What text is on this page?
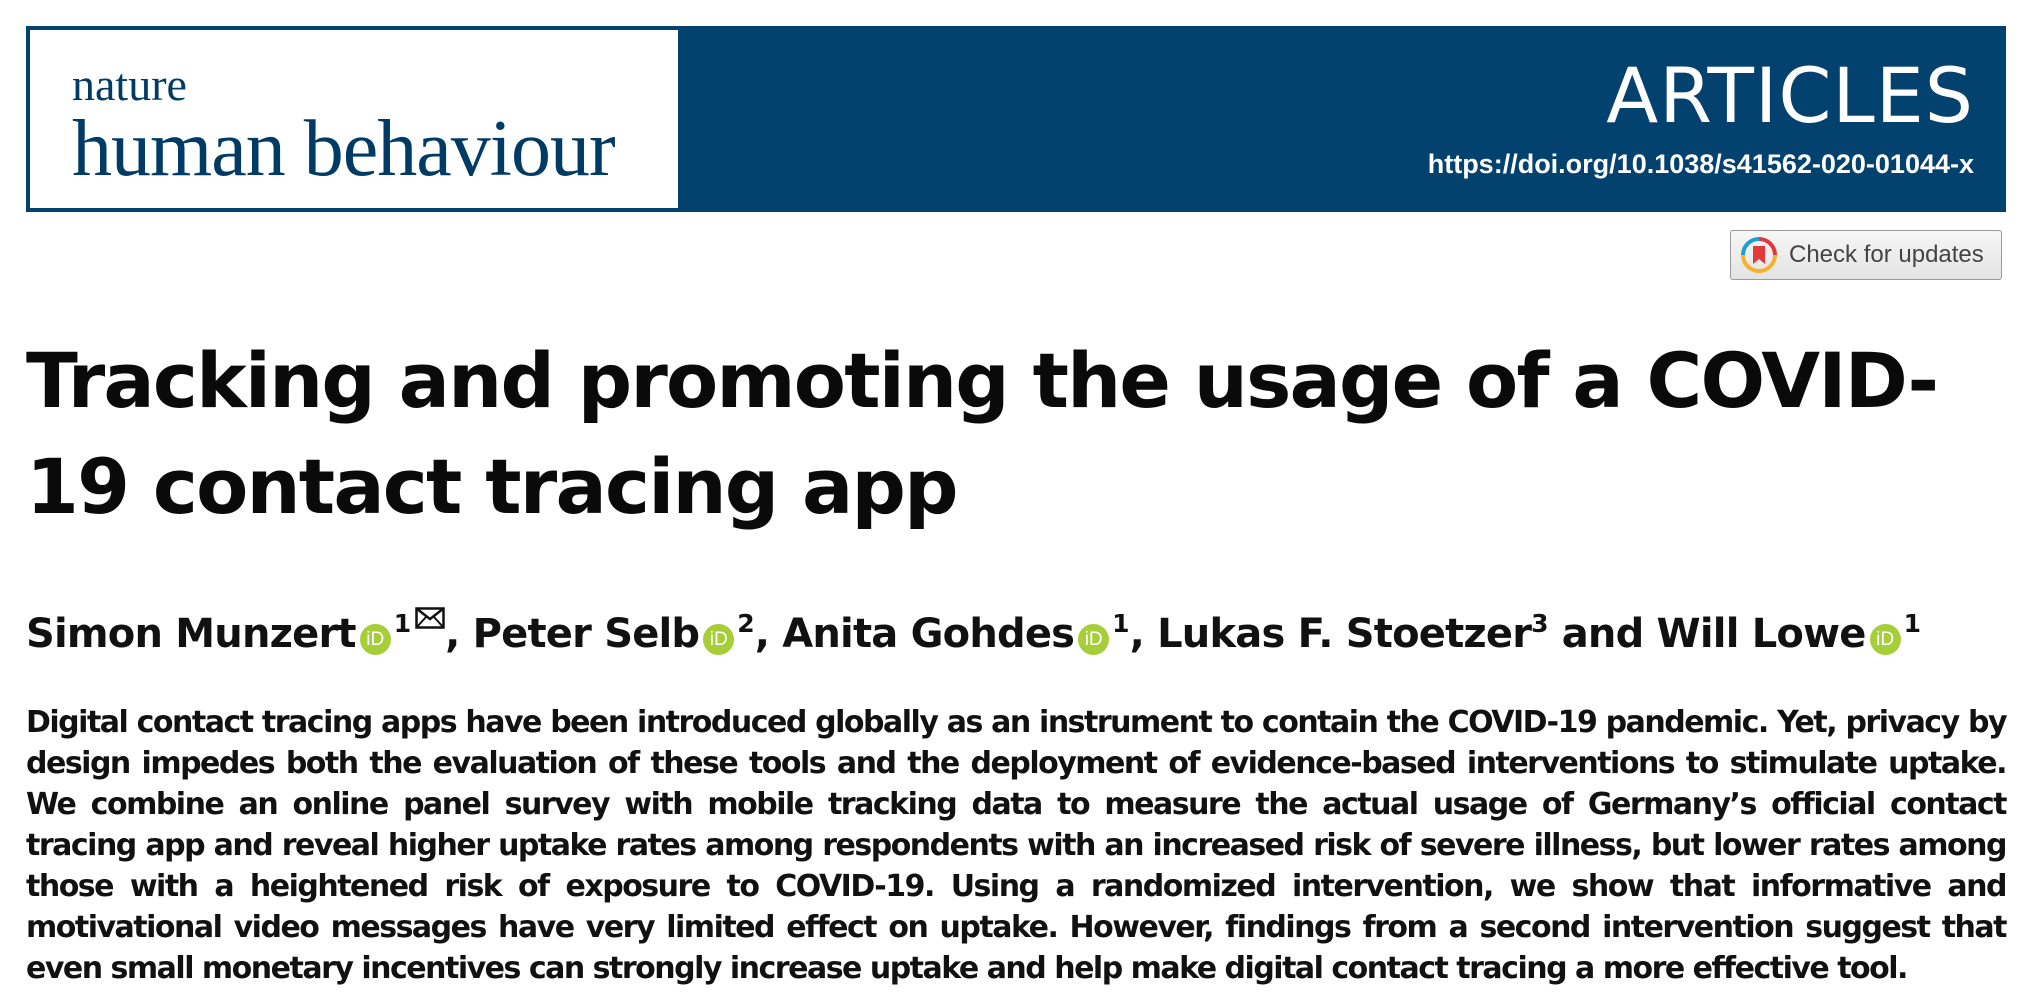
nature
human behaviour
ARTICLES
https://doi.org/10.1038/s41562-020-01044-x
Check for updates
Tracking and promoting the usage of a COVID-19 contact tracing app
Simon Munzert iD$^1$ , Peter Selb iD$^2$, Anita Gohdes iD$^1$, Lukas F. Stoetzer$^3$ and Will Lowe iD$^1$

Digital contact tracing apps have been introduced globally as an instrument to contain the COVID-19 pandemic. Yet, privacy by design impedes both the evaluation of these tools and the deployment of evidence-based interventions to stimulate uptake. We combine an online panel survey with mobile tracking data to measure the actual usage of Germany’s official contact tracing app and reveal higher uptake rates among respondents with an increased risk of severe illness, but lower rates among those with a heightened risk of exposure to COVID-19. Using a randomized intervention, we show that informative and motivational video messages have very limited effect on uptake. However, findings from a second intervention suggest that even small monetary incentives can strongly increase uptake and help make digital contact tracing a more effective tool.
